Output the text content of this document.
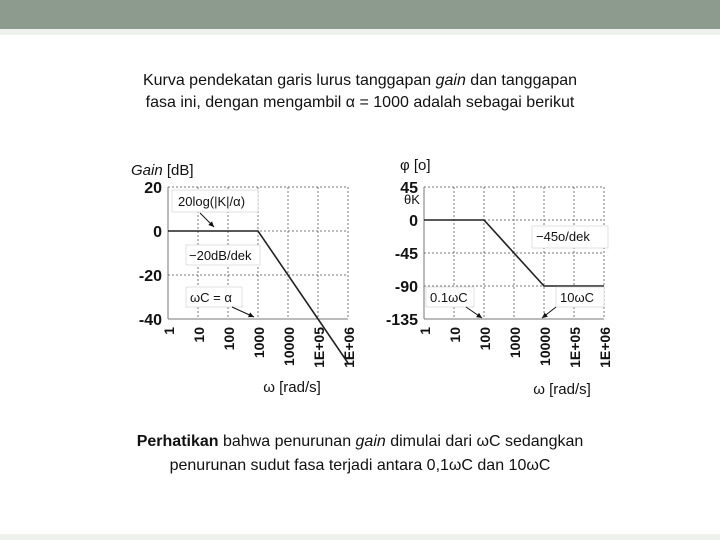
Kurva pendekatan garis lurus tanggapan gain dan tanggapan
fasa ini, dengan mengambil α = 1000 adalah sebagai berikut
20
0
-20
-40
1 10 100 1000 10000 1E+05 1E+06
ω [rad/s]
Gain [dB]
20log(|K|/α)
−20dB/dek
ωC = α
45
0
-45
-90
-135
1 10 100 1000 10000 1E+05 1E+06
ω [rad/s]
φ [o]
θK
−45o/dek
0.1ωC	10ωC
Perhatikan bahwa penurunan gain dimulai dari ωC sedangkan
penurunan sudut fasa terjadi antara 0,1ωC dan 10ωC
